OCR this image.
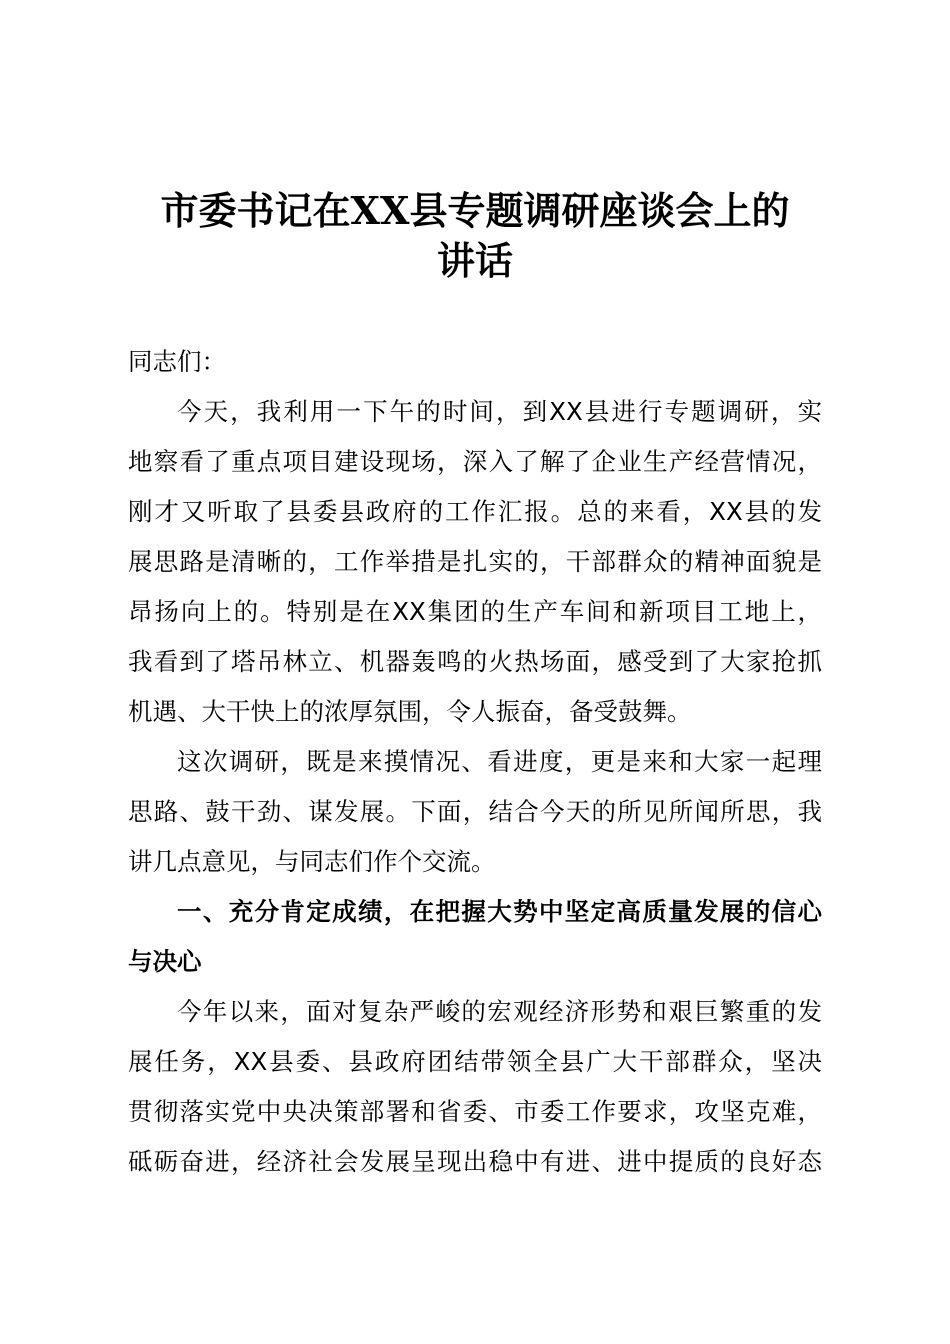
市委书记在XX县专题调研座谈会上的
讲话
同志们：
今天，我利用一下午的时间，到XX县进行专题调研，实
地察看了重点项目建设现场，深入了解了企业生产经营情况，
刚才又听取了县委县政府的工作汇报。总的来看，XX县的发
展思路是清晰的，工作举措是扎实的，干部群众的精神面貌是
昂扬向上的。特别是在XX集团的生产车间和新项目工地上，
我看到了塔吊林立、机器轰鸣的火热场面，感受到了大家抢抓
机遇、大干快上的浓厚氛围，令人振奋，备受鼓舞。
这次调研，既是来摸情况、看进度，更是来和大家一起理
思路、鼓干劲、谋发展。下面，结合今天的所见所闻所思，我
讲几点意见，与同志们作个交流。
一、充分肯定成绩，在把握大势中坚定高质量发展的信心
与决心
今年以来，面对复杂严峻的宏观经济形势和艰巨繁重的发
展任务，XX县委、县政府团结带领全县广大干部群众，坚决
贯彻落实党中央决策部署和省委、市委工作要求，攻坚克难，
砥砺奋进，经济社会发展呈现出稳中有进、进中提质的良好态
